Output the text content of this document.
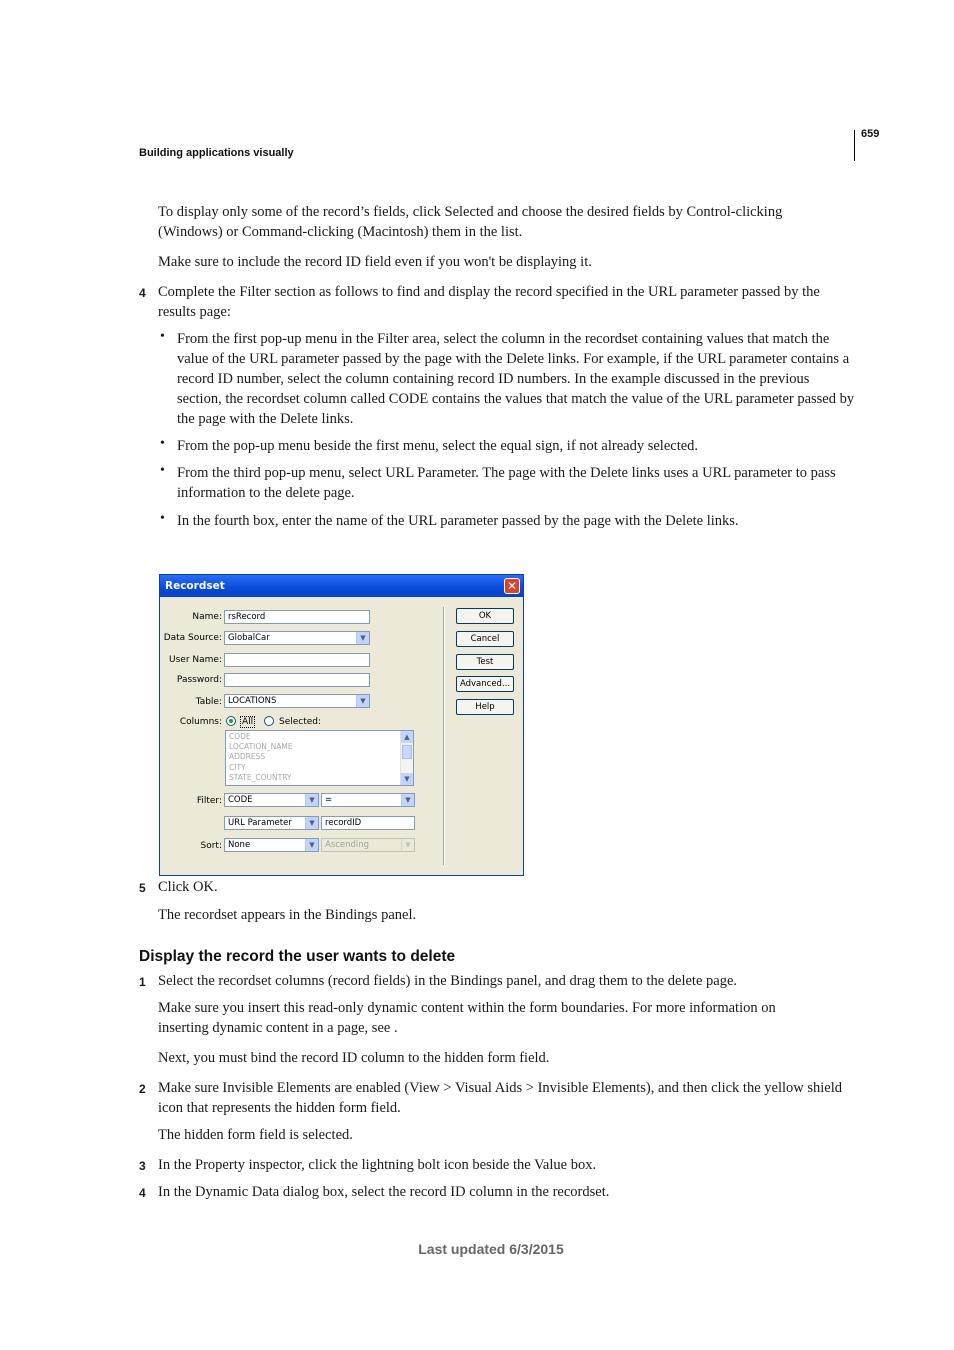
659
Building applications visually
To display only some of the record’s fields, click Selected and choose the desired fields by Control-clicking (Windows) or Command-clicking (Macintosh) them in the list.
Make sure to include the record ID field even if you won't be displaying it.
4 Complete the Filter section as follows to find and display the record specified in the URL parameter passed by the results page:
• From the first pop-up menu in the Filter area, select the column in the recordset containing values that match the value of the URL parameter passed by the page with the Delete links. For example, if the URL parameter contains a record ID number, select the column containing record ID numbers. In the example discussed in the previous section, the recordset column called CODE contains the values that match the value of the URL parameter passed by the page with the Delete links.
• From the pop-up menu beside the first menu, select the equal sign, if not already selected.
• From the third pop-up menu, select URL Parameter. The page with the Delete links uses a URL parameter to pass information to the delete page.
• In the fourth box, enter the name of the URL parameter passed by the page with the Delete links.
Recordset	✕
Name: rsRecord
Data Source: GlobalCar	▼
User Name:
Password:
Table: LOCATIONS	▼
Columns: All	Selected:
CODE
LOCATION_NAME
ADDRESS
CITY
STATE_COUNTRY
▲
▼
Filter: CODE	▼	=	▼
URL Parameter	▼	recordID
Sort: None	▼	Ascending	▼
OK
Cancel
Test
Advanced...
Help
5 Click OK.
The recordset appears in the Bindings panel.
Display the record the user wants to delete
1 Select the recordset columns (record fields) in the Bindings panel, and drag them to the delete page.
Make sure you insert this read-only dynamic content within the form boundaries. For more information on inserting dynamic content in a page, see .
Next, you must bind the record ID column to the hidden form field.
2 Make sure Invisible Elements are enabled (View > Visual Aids > Invisible Elements), and then click the yellow shield icon that represents the hidden form field.
The hidden form field is selected.
3 In the Property inspector, click the lightning bolt icon beside the Value box.
4 In the Dynamic Data dialog box, select the record ID column in the recordset.
Last updated 6/3/2015
